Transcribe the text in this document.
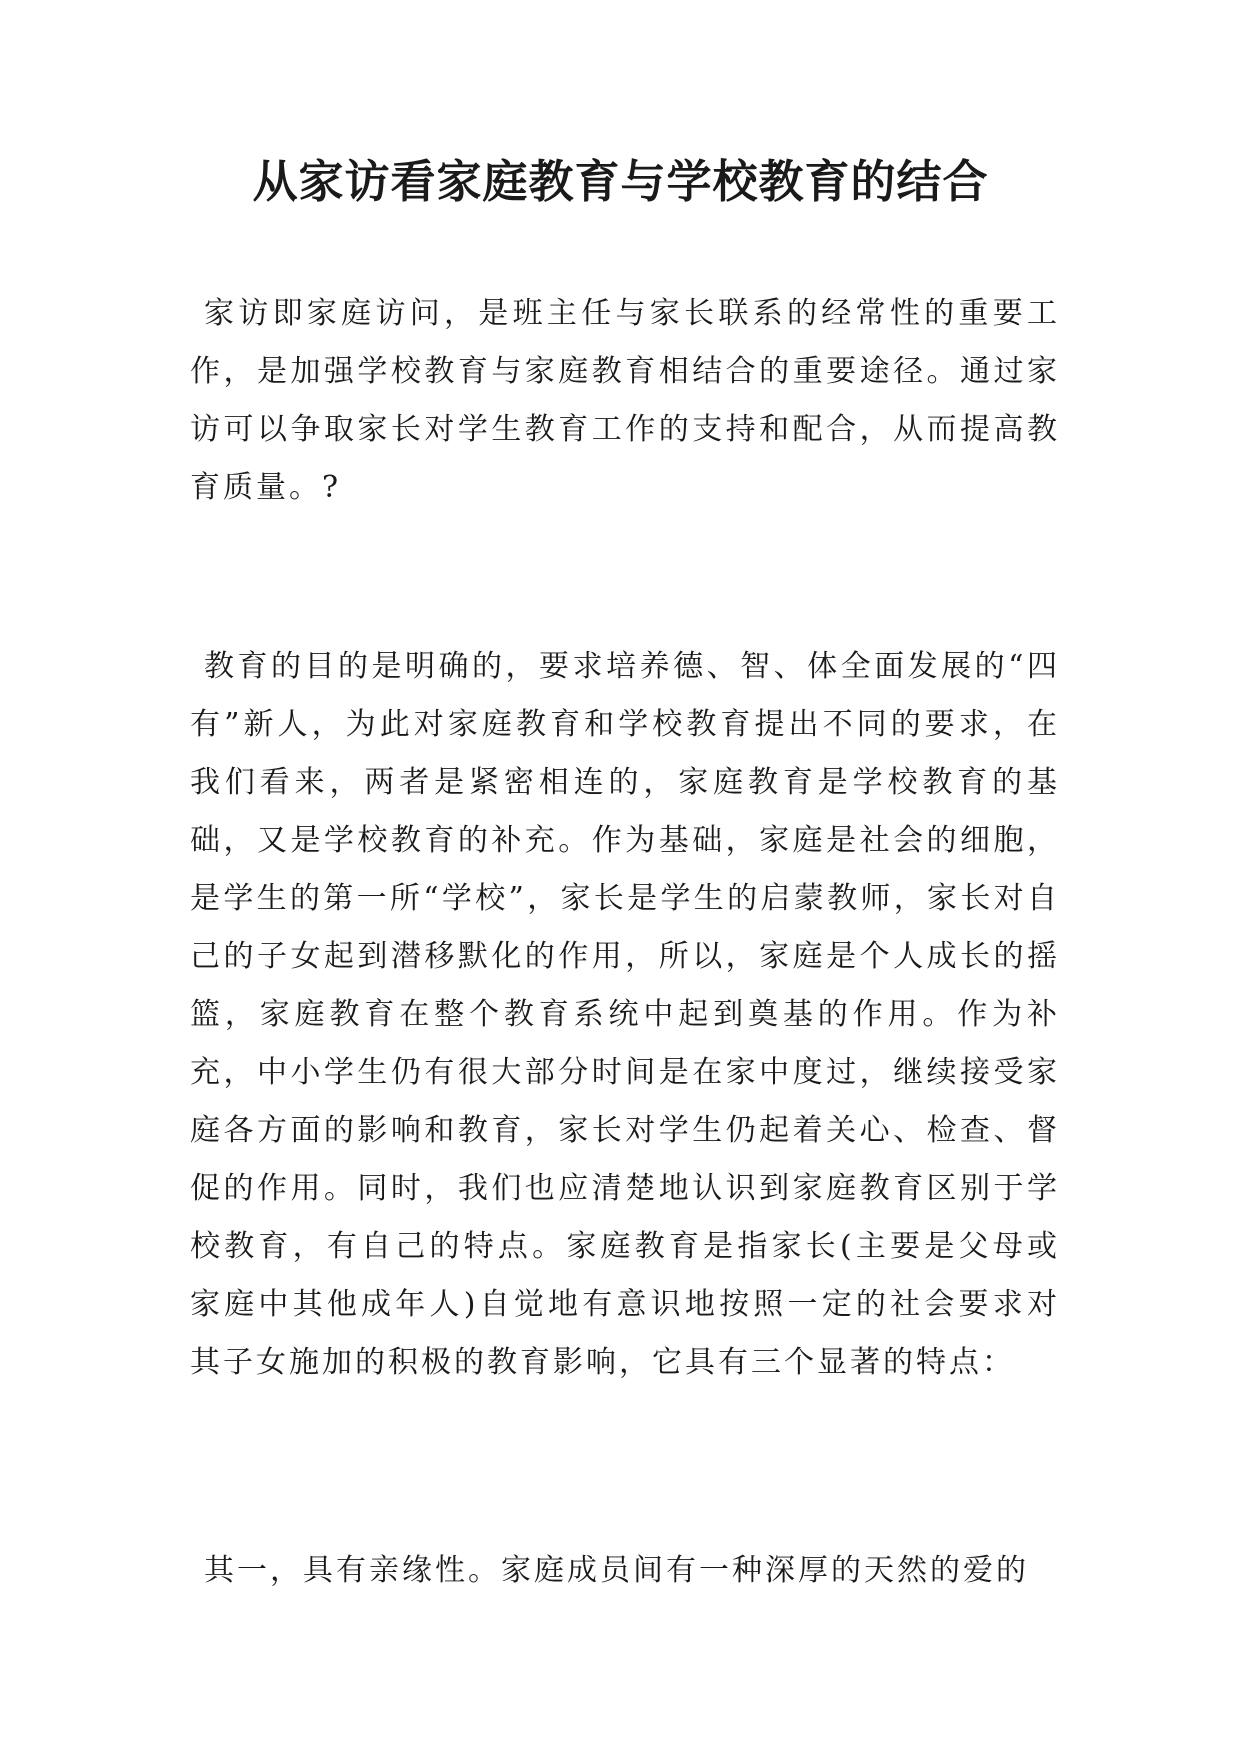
从家访看家庭教育与学校教育的结合

家访即家庭访问，是班主任与家长联系的经常性的重要工作，是加强学校教育与家庭教育相结合的重要途径。通过家访可以争取家长对学生教育工作的支持和配合，从而提高教育质量。?

教育的目的是明确的，要求培养德、智、体全面发展的“四有”新人，为此对家庭教育和学校教育提出不同的要求，在我们看来，两者是紧密相连的，家庭教育是学校教育的基础，又是学校教育的补充。作为基础，家庭是社会的细胞，是学生的第一所“学校”，家长是学生的启蒙教师，家长对自己的子女起到潜移默化的作用，所以，家庭是个人成长的摇篮，家庭教育在整个教育系统中起到奠基的作用。作为补充，中小学生仍有很大部分时间是在家中度过，继续接受家庭各方面的影响和教育，家长对学生仍起着关心、检查、督促的作用。同时，我们也应清楚地认识到家庭教育区别于学校教育，有自己的特点。家庭教育是指家长(主要是父母或家庭中其他成年人)自觉地有意识地按照一定的社会要求对其子女施加的积极的教育影响，它具有三个显著的特点：

其一，具有亲缘性。家庭成员间有一种深厚的天然的爱的
